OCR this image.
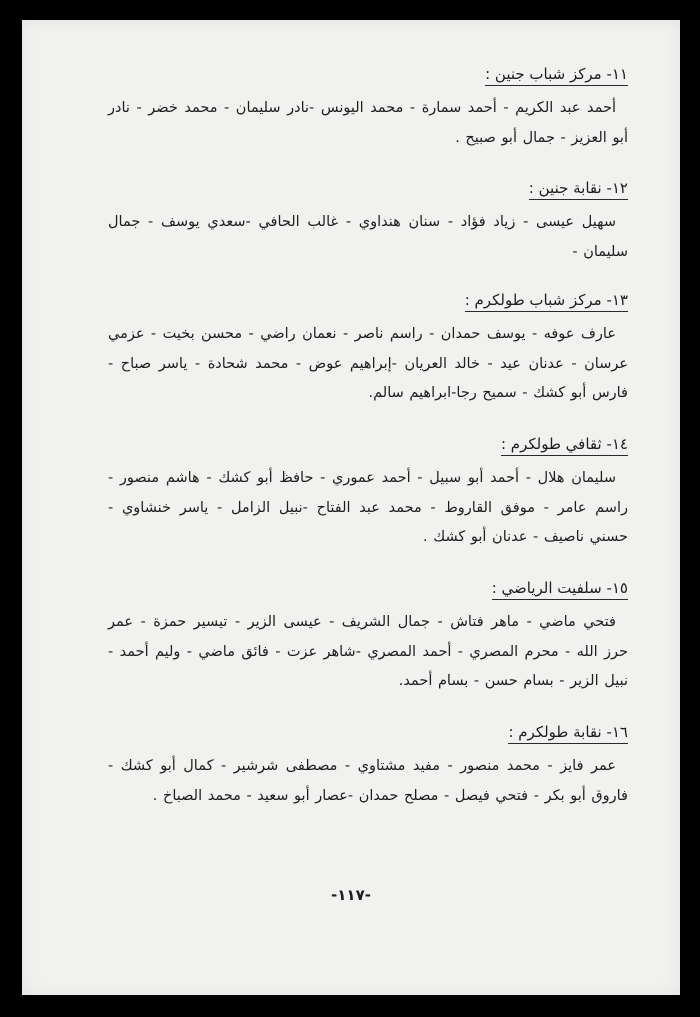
١١- مركز شباب جنين :
أحمد عبد الكريم - أحمد سمارة - محمد اليونس -نادر سليمان - محمد خضر - نادر أبو العزيز - جمال أبو صبيح .
١٢- نقابة جنين :
سهيل عيسى - زياد فؤاد - سنان هنداوي - غالب الحافي -سعدي يوسف - جمال سليمان -
١٣- مركز شباب طولكرم :
عارف عوفه - يوسف حمدان - راسم ناصر - نعمان راضي - محسن بخيت - عزمي عرسان - عدنان عيد - خالد العريان -إبراهيم عوض - محمد شحادة - ياسر صباح - فارس أبو كشك - سميح رجا-ابراهيم سالم.
١٤- ثقافي طولكرم :
سليمان هلال - أحمد أبو سبيل - أحمد عموري - حافظ أبو كشك - هاشم منصور - راسم عامر - موفق القاروط - محمد عبد الفتاح -نبيل الزامل - ياسر خنشاوي - حسني ناصيف - عدنان أبو كشك .
١٥- سلفيت الرياضي :
فتحي ماضي - ماهر فتاش - جمال الشريف - عيسى الزير - تيسير حمزة - عمر حرز الله - محرم المصري - أحمد المصري -شاهر عزت - فائق ماضي - وليم أحمد - نبيل الزير - بسام حسن - بسام أحمد.
١٦- نقابة طولكرم :
عمر فايز - محمد منصور - مفيد مشتاوي - مصطفى شرشير - كمال أبو كشك - فاروق أبو بكر - فتحي فيصل - مصلح حمدان -عصار أبو سعيد - محمد الصباخ .
-١١٧-
